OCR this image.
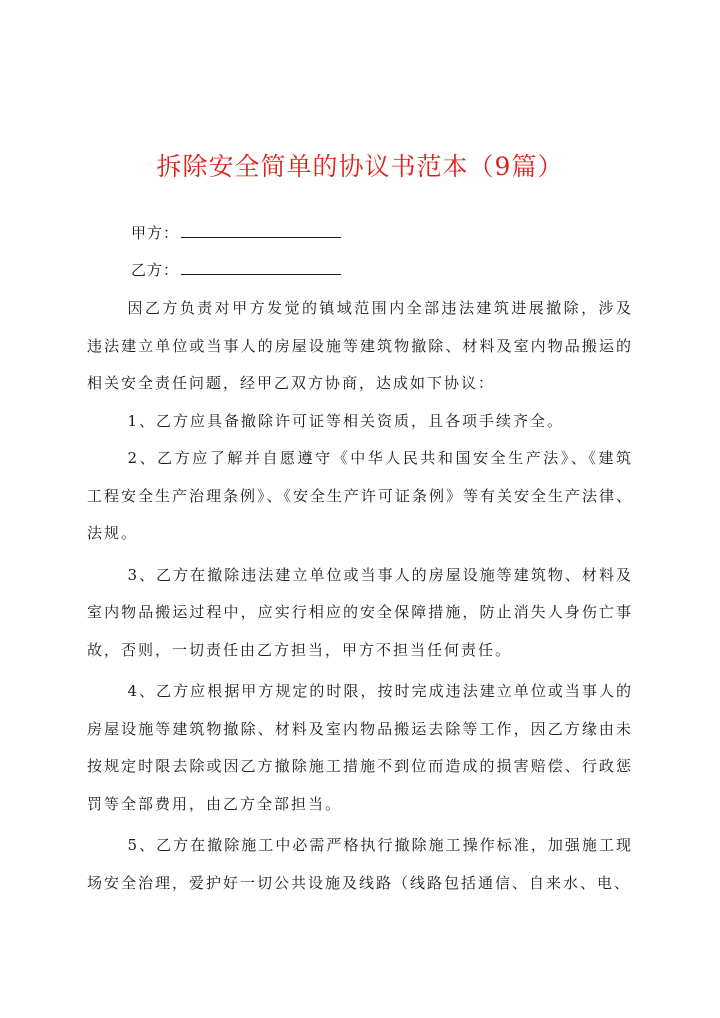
拆除安全简单的协议书范本（9篇）
甲方：
乙方：

因乙方负责对甲方发觉的镇域范围内全部违法建筑进展撤除，涉及违法建立单位或当事人的房屋设施等建筑物撤除、材料及室内物品搬运的相关安全责任问题，经甲乙双方协商，达成如下协议：

1、乙方应具备撤除许可证等相关资质，且各项手续齐全。

2、乙方应了解并自愿遵守《中华人民共和国安全生产法》、《建筑工程安全生产治理条例》、《安全生产许可证条例》等有关安全生产法律、法规。

3、乙方在撤除违法建立单位或当事人的房屋设施等建筑物、材料及室内物品搬运过程中，应实行相应的安全保障措施，防止消失人身伤亡事故，否则，一切责任由乙方担当，甲方不担当任何责任。

4、乙方应根据甲方规定的时限，按时完成违法建立单位或当事人的房屋设施等建筑物撤除、材料及室内物品搬运去除等工作，因乙方缘由未按规定时限去除或因乙方撤除施工措施不到位而造成的损害赔偿、行政惩罚等全部费用，由乙方全部担当。

5、乙方在撤除施工中必需严格执行撤除施工操作标准，加强施工现场安全治理，爱护好一切公共设施及线路（线路包括通信、自来水、电、
